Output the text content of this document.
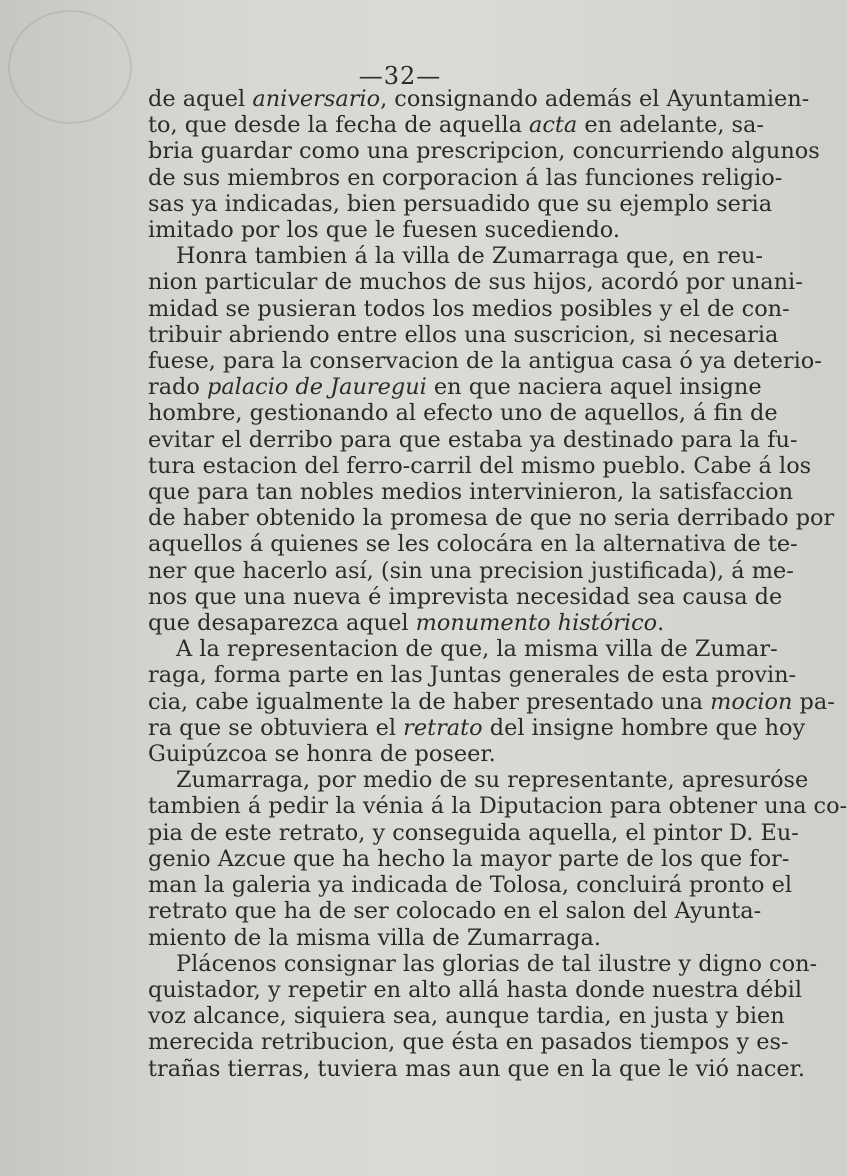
—32—
de aquel aniversario, consignando además el Ayuntamien-
to, que desde la fecha de aquella acta en adelante, sa-
bria guardar como una prescripcion, concurriendo algunos
de sus miembros en corporacion á las funciones religio-
sas ya indicadas, bien persuadido que su ejemplo seria
imitado por los que le fuesen sucediendo.
Honra tambien á la villa de Zumarraga que, en reu-
nion particular de muchos de sus hijos, acordó por unani-
midad se pusieran todos los medios posibles y el de con-
tribuir abriendo entre ellos una suscricion, si necesaria
fuese, para la conservacion de la antigua casa ó ya deterio-
rado palacio de Jauregui en que naciera aquel insigne
hombre, gestionando al efecto uno de aquellos, á fin de
evitar el derribo para que estaba ya destinado para la fu-
tura estacion del ferro-carril del mismo pueblo. Cabe á los
que para tan nobles medios intervinieron, la satisfaccion
de haber obtenido la promesa de que no seria derribado por
aquellos á quienes se les colocára en la alternativa de te-
ner que hacerlo así, (sin una precision justificada), á me-
nos que una nueva é imprevista necesidad sea causa de
que desaparezca aquel monumento histórico.
A la representacion de que, la misma villa de Zumar-
raga, forma parte en las Juntas generales de esta provin-
cia, cabe igualmente la de haber presentado una mocion pa-
ra que se obtuviera el retrato del insigne hombre que hoy
Guipúzcoa se honra de poseer.
Zumarraga, por medio de su representante, apresuróse
tambien á pedir la vénia á la Diputacion para obtener una co-
pia de este retrato, y conseguida aquella, el pintor D. Eu-
genio Azcue que ha hecho la mayor parte de los que for-
man la galeria ya indicada de Tolosa, concluirá pronto el
retrato que ha de ser colocado en el salon del Ayunta-
miento de la misma villa de Zumarraga.
Plácenos consignar las glorias de tal ilustre y digno con-
quistador, y repetir en alto allá hasta donde nuestra débil
voz alcance, siquiera sea, aunque tardia, en justa y bien
merecida retribucion, que ésta en pasados tiempos y es-
trañas tierras, tuviera mas aun que en la que le vió nacer.
